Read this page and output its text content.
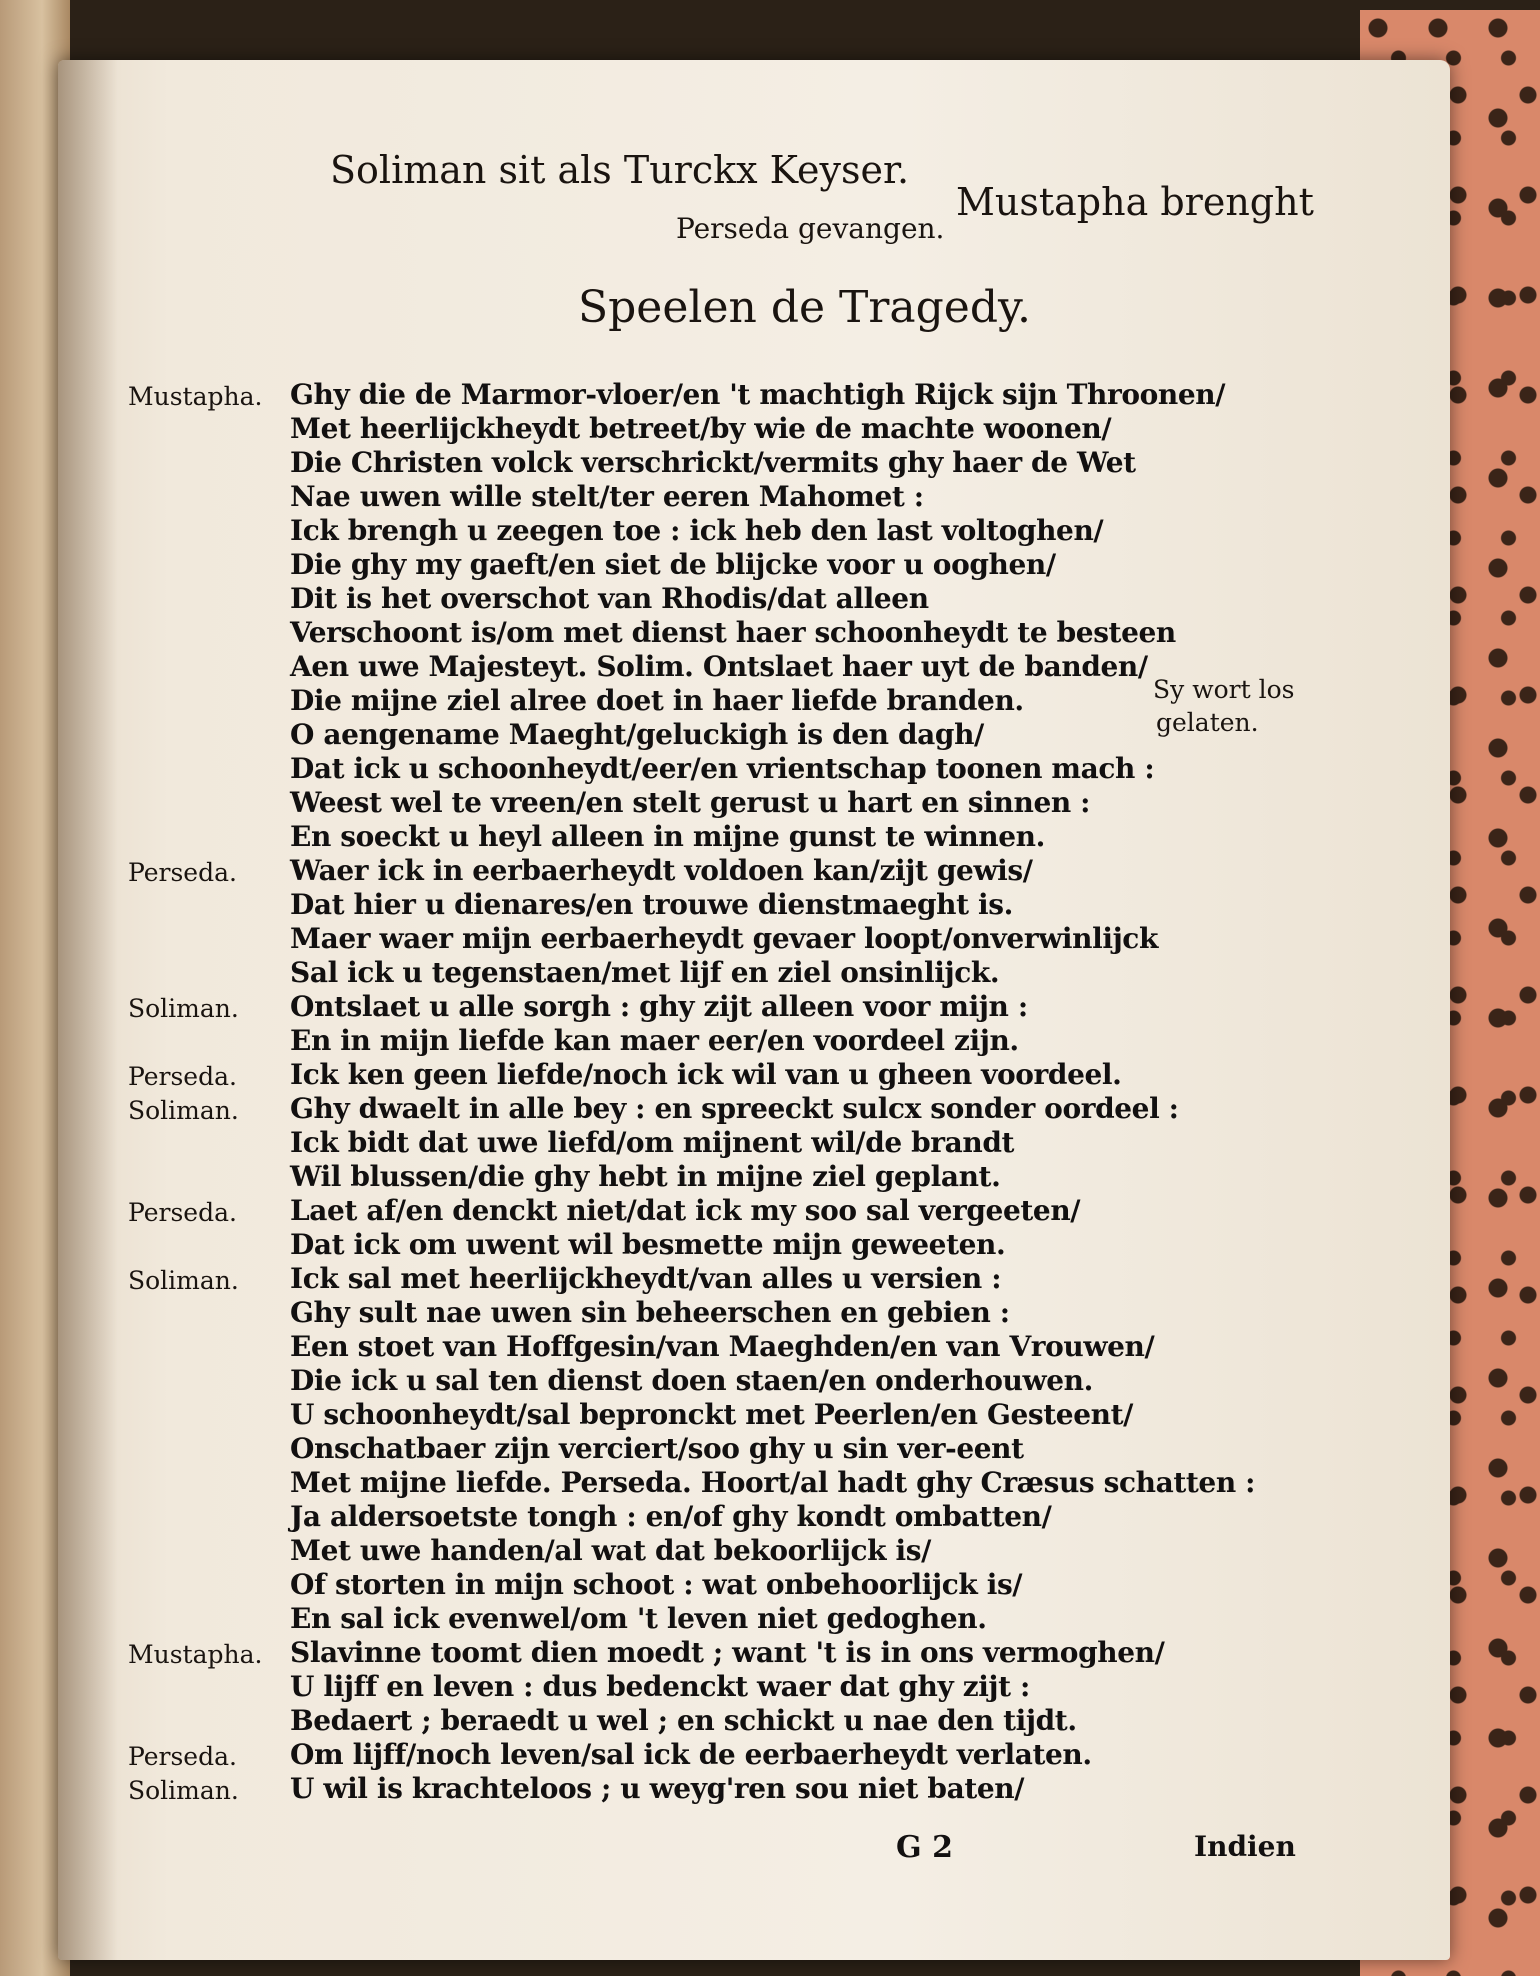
Soliman sit als Turckx Keyser.
Mustapha brenght
Perseda gevangen.
Speelen de Tragedy.
Mustapha. Ghy die de Marmor-vloer/en 't machtigh Rijck sijn Throonen/
Met heerlijckheydt betreet/by wie de machte woonen/
Die Christen volck verschrickt/vermits ghy haer de Wet
Nae uwen wille stelt/ter eeren Mahomet :
Ick brengh u zeegen toe : ick heb den last voltoghen/
Die ghy my gaeft/en siet de blijcke voor u ooghen/
Dit is het overschot van Rhodis/dat alleen
Verschoont is/om met dienst haer schoonheydt te besteen
Aen uwe Majesteyt. Solim. Ontslaet haer uyt de banden/
Die mijne ziel alree doet in haer liefde branden.
O aengename Maeght/geluckigh is den dagh/
Dat ick u schoonheydt/eer/en vrientschap toonen mach :
Weest wel te vreen/en stelt gerust u hart en sinnen :
En soeckt u heyl alleen in mijne gunst te winnen.
Perseda. Waer ick in eerbaerheydt voldoen kan/zijt gewis/
Dat hier u dienares/en trouwe dienstmaeght is.
Maer waer mijn eerbaerheydt gevaer loopt/onverwinlijck
Sal ick u tegenstaen/met lijf en ziel onsinlijck.
Soliman. Ontslaet u alle sorgh : ghy zijt alleen voor mijn :
En in mijn liefde kan maer eer/en voordeel zijn.
Perseda. Ick ken geen liefde/noch ick wil van u gheen voordeel.
Soliman. Ghy dwaelt in alle bey : en spreeckt sulcx sonder oordeel :
Ick bidt dat uwe liefd/om mijnent wil/de brandt
Wil blussen/die ghy hebt in mijne ziel geplant.
Perseda. Laet af/en denckt niet/dat ick my soo sal vergeeten/
Dat ick om uwent wil besmette mijn geweeten.
Soliman. Ick sal met heerlijckheydt/van alles u versien :
Ghy sult nae uwen sin beheerschen en gebien :
Een stoet van Hoffgesin/van Maeghden/en van Vrouwen/
Die ick u sal ten dienst doen staen/en onderhouwen.
U schoonheydt/sal bepronckt met Peerlen/en Gesteent/
Onschatbaer zijn verciert/soo ghy u sin ver-eent
Met mijne liefde. Perseda. Hoort/al hadt ghy Cræsus schatten :
Ja aldersoetste tongh : en/of ghy kondt ombatten/
Met uwe handen/al wat dat bekoorlijck is/
Of storten in mijn schoot : wat onbehoorlijck is/
En sal ick evenwel/om 't leven niet gedoghen.
Mustapha. Slavinne toomt dien moedt ; want 't is in ons vermoghen/
U lijff en leven : dus bedenckt waer dat ghy zijt :
Bedaert ; beraedt u wel ; en schickt u nae den tijdt.
Perseda. Om lijff/noch leven/sal ick de eerbaerheydt verlaten.
Soliman. U wil is krachteloos ; u weyg'ren sou niet baten/
Sy wort los
gelaten.
G 2	Indien
